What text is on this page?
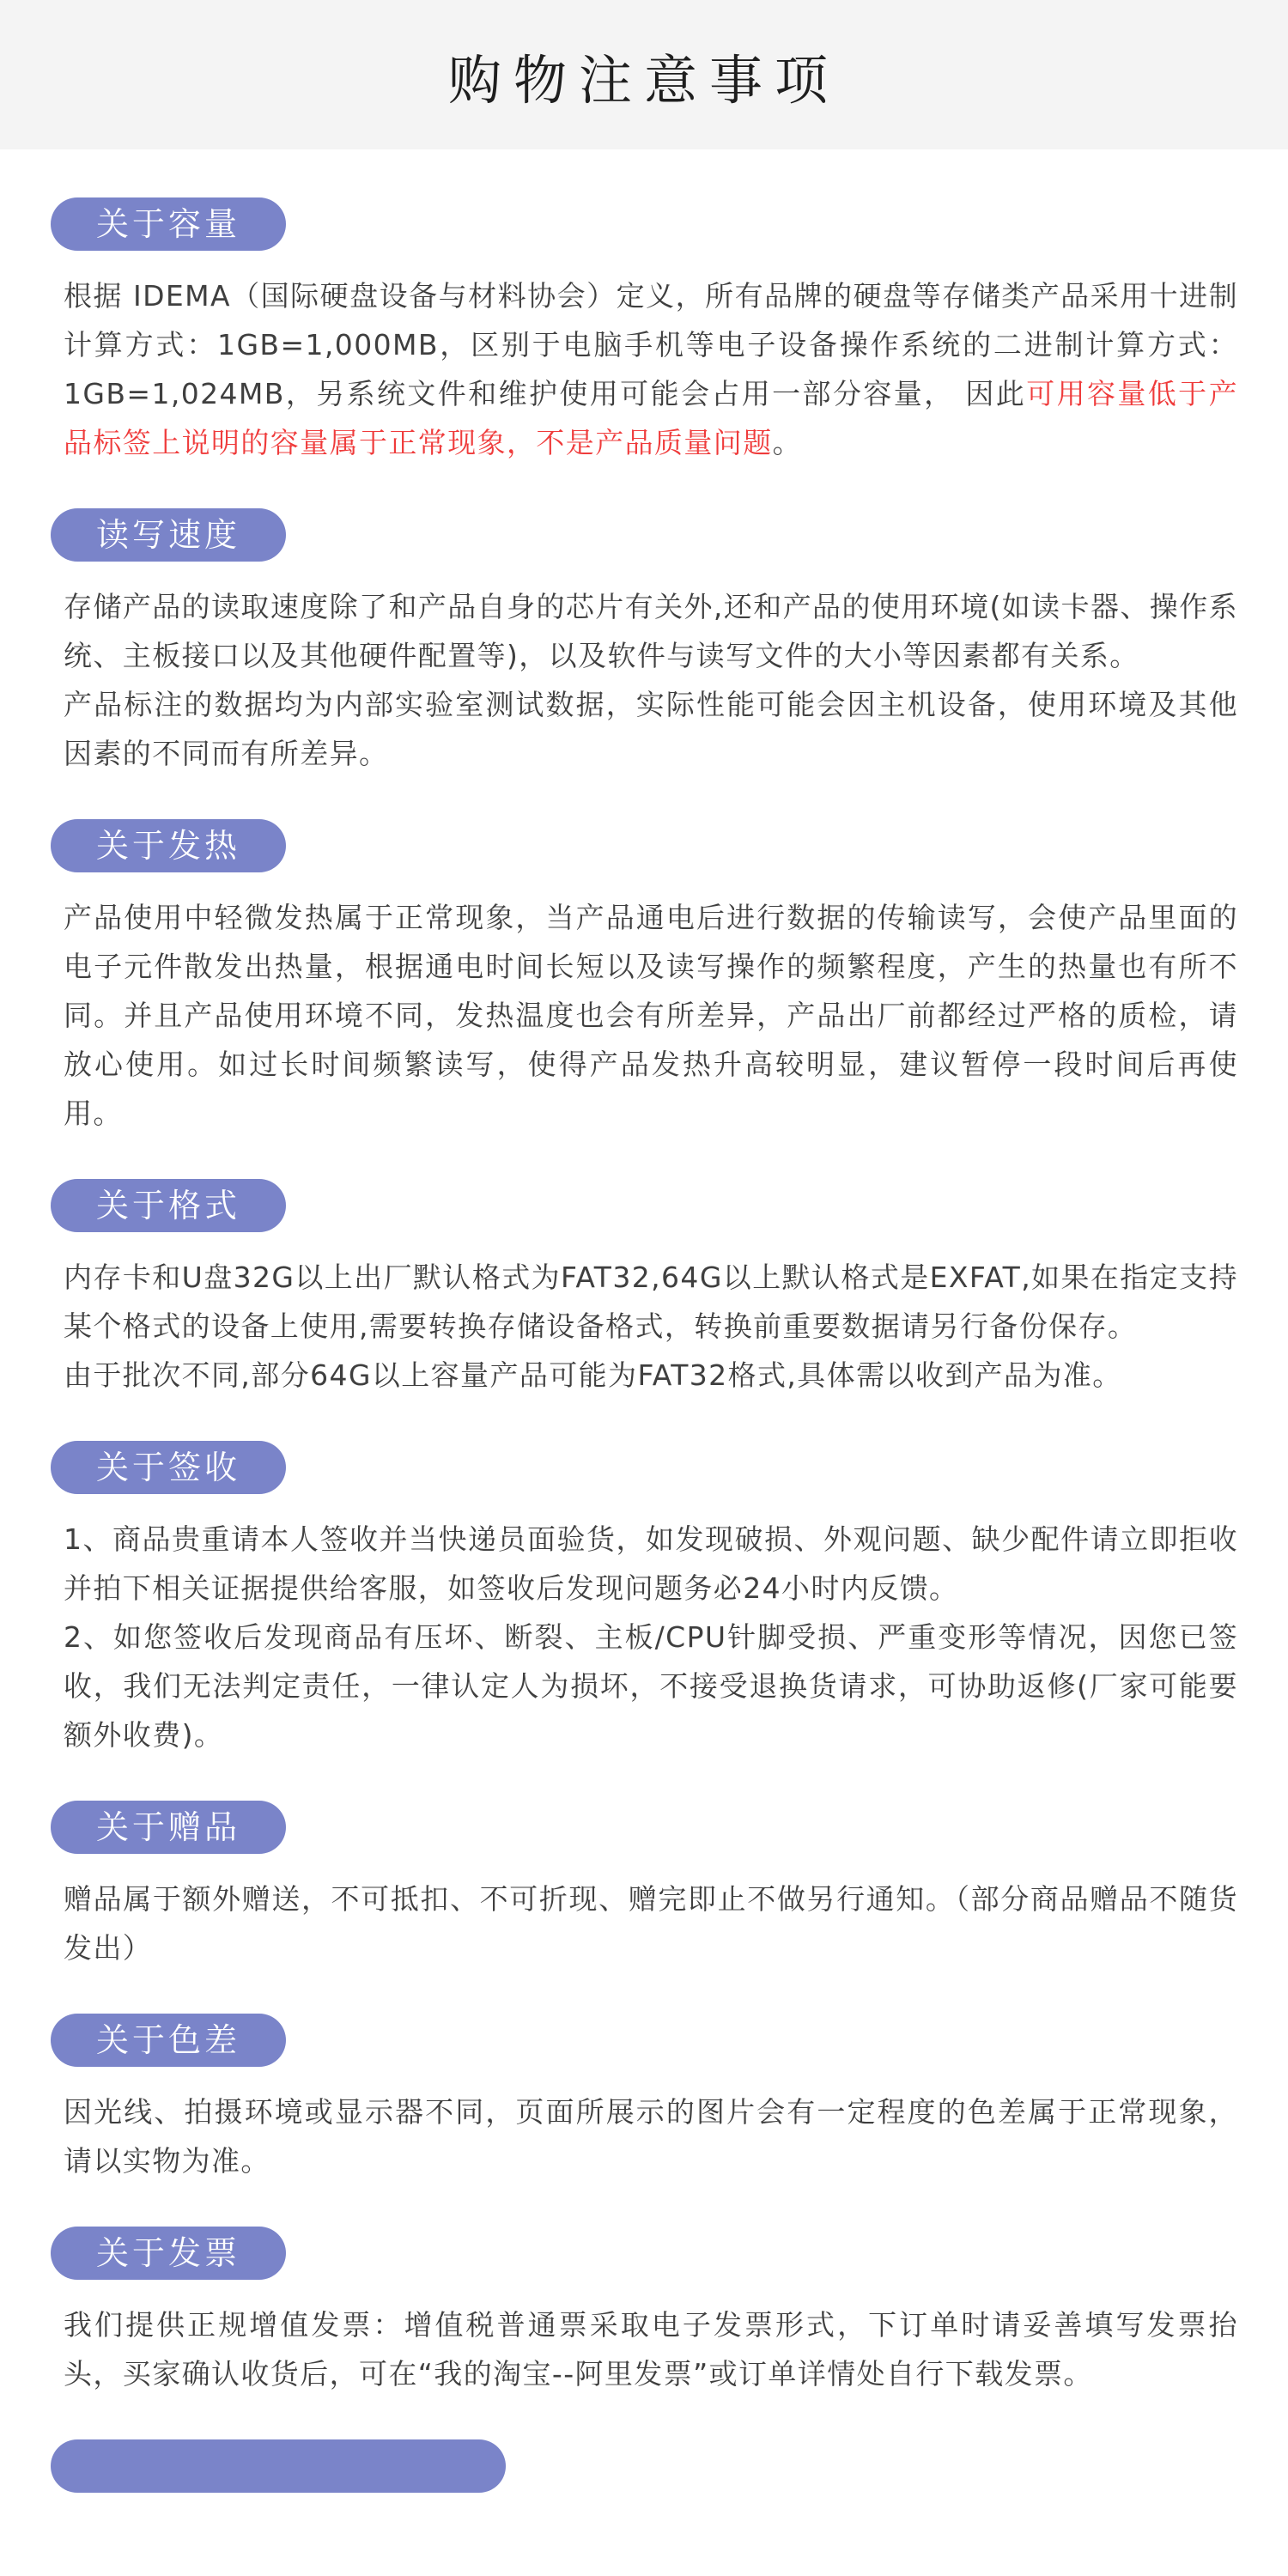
购物注意事项
关于容量

根据 IDEMA（国际硬盘设备与材料协会）定义，所有品牌的硬盘等存储类产品采用十进制计算方式：1GB=1,000MB，区别于电脑手机等电子设备操作系统的二进制计算方式：1GB=1,024MB，另系统文件和维护使用可能会占用一部分容量， 因此可用容量低于产品标签上说明的容量属于正常现象，不是产品质量问题。

读写速度

存储产品的读取速度除了和产品自身的芯片有关外,还和产品的使用环境(如读卡器、操作系统、主板接口以及其他硬件配置等)，以及软件与读写文件的大小等因素都有关系。

产品标注的数据均为内部实验室测试数据，实际性能可能会因主机设备，使用环境及其他因素的不同而有所差异。

关于发热

产品使用中轻微发热属于正常现象，当产品通电后进行数据的传输读写，会使产品里面的电子元件散发出热量，根据通电时间长短以及读写操作的频繁程度，产生的热量也有所不同。并且产品使用环境不同，发热温度也会有所差异，产品出厂前都经过严格的质检，请放心使用。如过长时间频繁读写，使得产品发热升高较明显，建议暂停一段时间后再使用。

关于格式

内存卡和U盘32G以上出厂默认格式为FAT32,64G以上默认格式是EXFAT,如果在指定支持某个格式的设备上使用,需要转换存储设备格式，转换前重要数据请另行备份保存。

由于批次不同,部分64G以上容量产品可能为FAT32格式,具体需以收到产品为准。

关于签收

1、商品贵重请本人签收并当快递员面验货，如发现破损、外观问题、缺少配件请立即拒收并拍下相关证据提供给客服，如签收后发现问题务必24小时内反馈。

2、如您签收后发现商品有压坏、断裂、主板/CPU针脚受损、严重变形等情况，因您已签收，我们无法判定责任，一律认定人为损坏，不接受退换货请求，可协助返修(厂家可能要额外收费)。

关于赠品

赠品属于额外赠送，不可抵扣、不可折现、赠完即止不做另行通知。（部分商品赠品不随货发出）

关于色差

因光线、拍摄环境或显示器不同，页面所展示的图片会有一定程度的色差属于正常现象，请以实物为准。

关于发票

我们提供正规增值发票：增值税普通票采取电子发票形式，下订单时请妥善填写发票抬头，买家确认收货后，可在“我的淘宝--阿里发票”或订单详情处自行下载发票。
